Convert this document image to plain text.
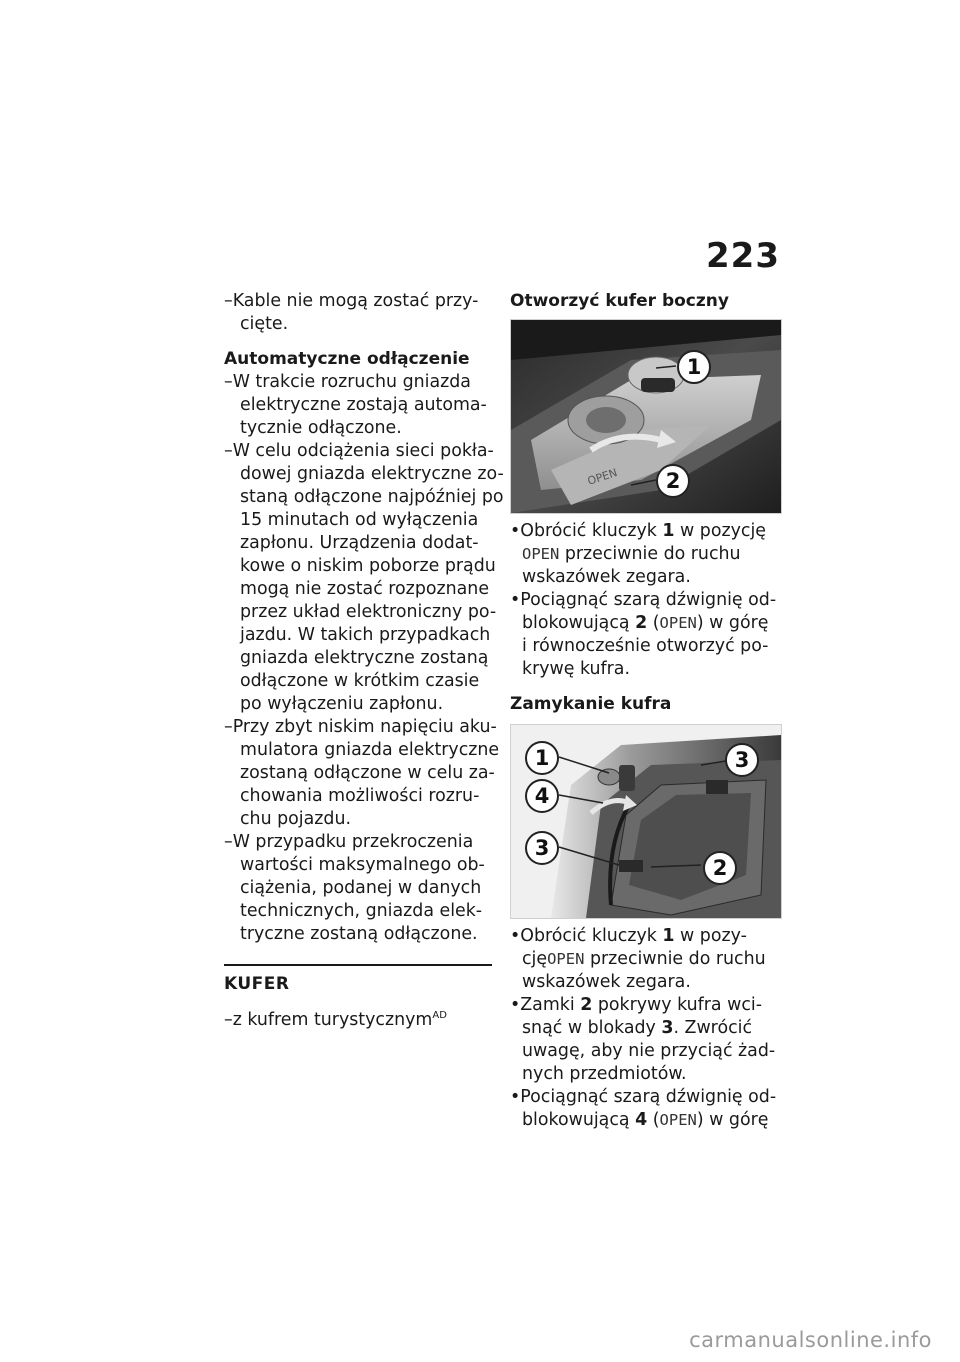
223
–Kable nie mogą zostać przy-
cięte.
Automatyczne odłączenie
–W trakcie rozruchu gniazda
elektryczne zostają automa-
tycznie odłączone.
–W celu odciążenia sieci pokła-
dowej gniazda elektryczne zo-
staną odłączone najpóźniej po
15 minutach od wyłączenia
zapłonu. Urządzenia dodat-
kowe o niskim poborze prądu
mogą nie zostać rozpoznane
przez układ elektroniczny po-
jazdu. W takich przypadkach
gniazda elektryczne zostaną
odłączone w krótkim czasie
po wyłączeniu zapłonu.
–Przy zbyt niskim napięciu aku-
mulatora gniazda elektryczne
zostaną odłączone w celu za-
chowania możliwości rozru-
chu pojazdu.
–W przypadku przekroczenia
wartości maksymalnego ob-
ciążenia, podanej w danych
technicznych, gniazda elek-
tryczne zostaną odłączone.
KUFER
–z kufrem turystycznym$^{AD}$
Otworzyć kufer boczny
OPEN
1
2
•Obrócić kluczyk 1 w pozycję
OPEN przeciwnie do ruchu
wskazówek zegara.
•Pociągnąć szarą dźwignię od-
blokowującą 2 (OPEN) w górę
i równocześnie otworzyć po-
krywę kufra.
Zamykanie kufra
1
4
3
3
2
•Obrócić kluczyk 1 w pozy-
cjęOPEN przeciwnie do ruchu
wskazówek zegara.
•Zamki 2 pokrywy kufra wci-
snąć w blokady 3. Zwrócić
uwagę, aby nie przyciąć żad-
nych przedmiotów.
•Pociągnąć szarą dźwignię od-
blokowującą 4 (OPEN) w górę
carmanualsonline.info
